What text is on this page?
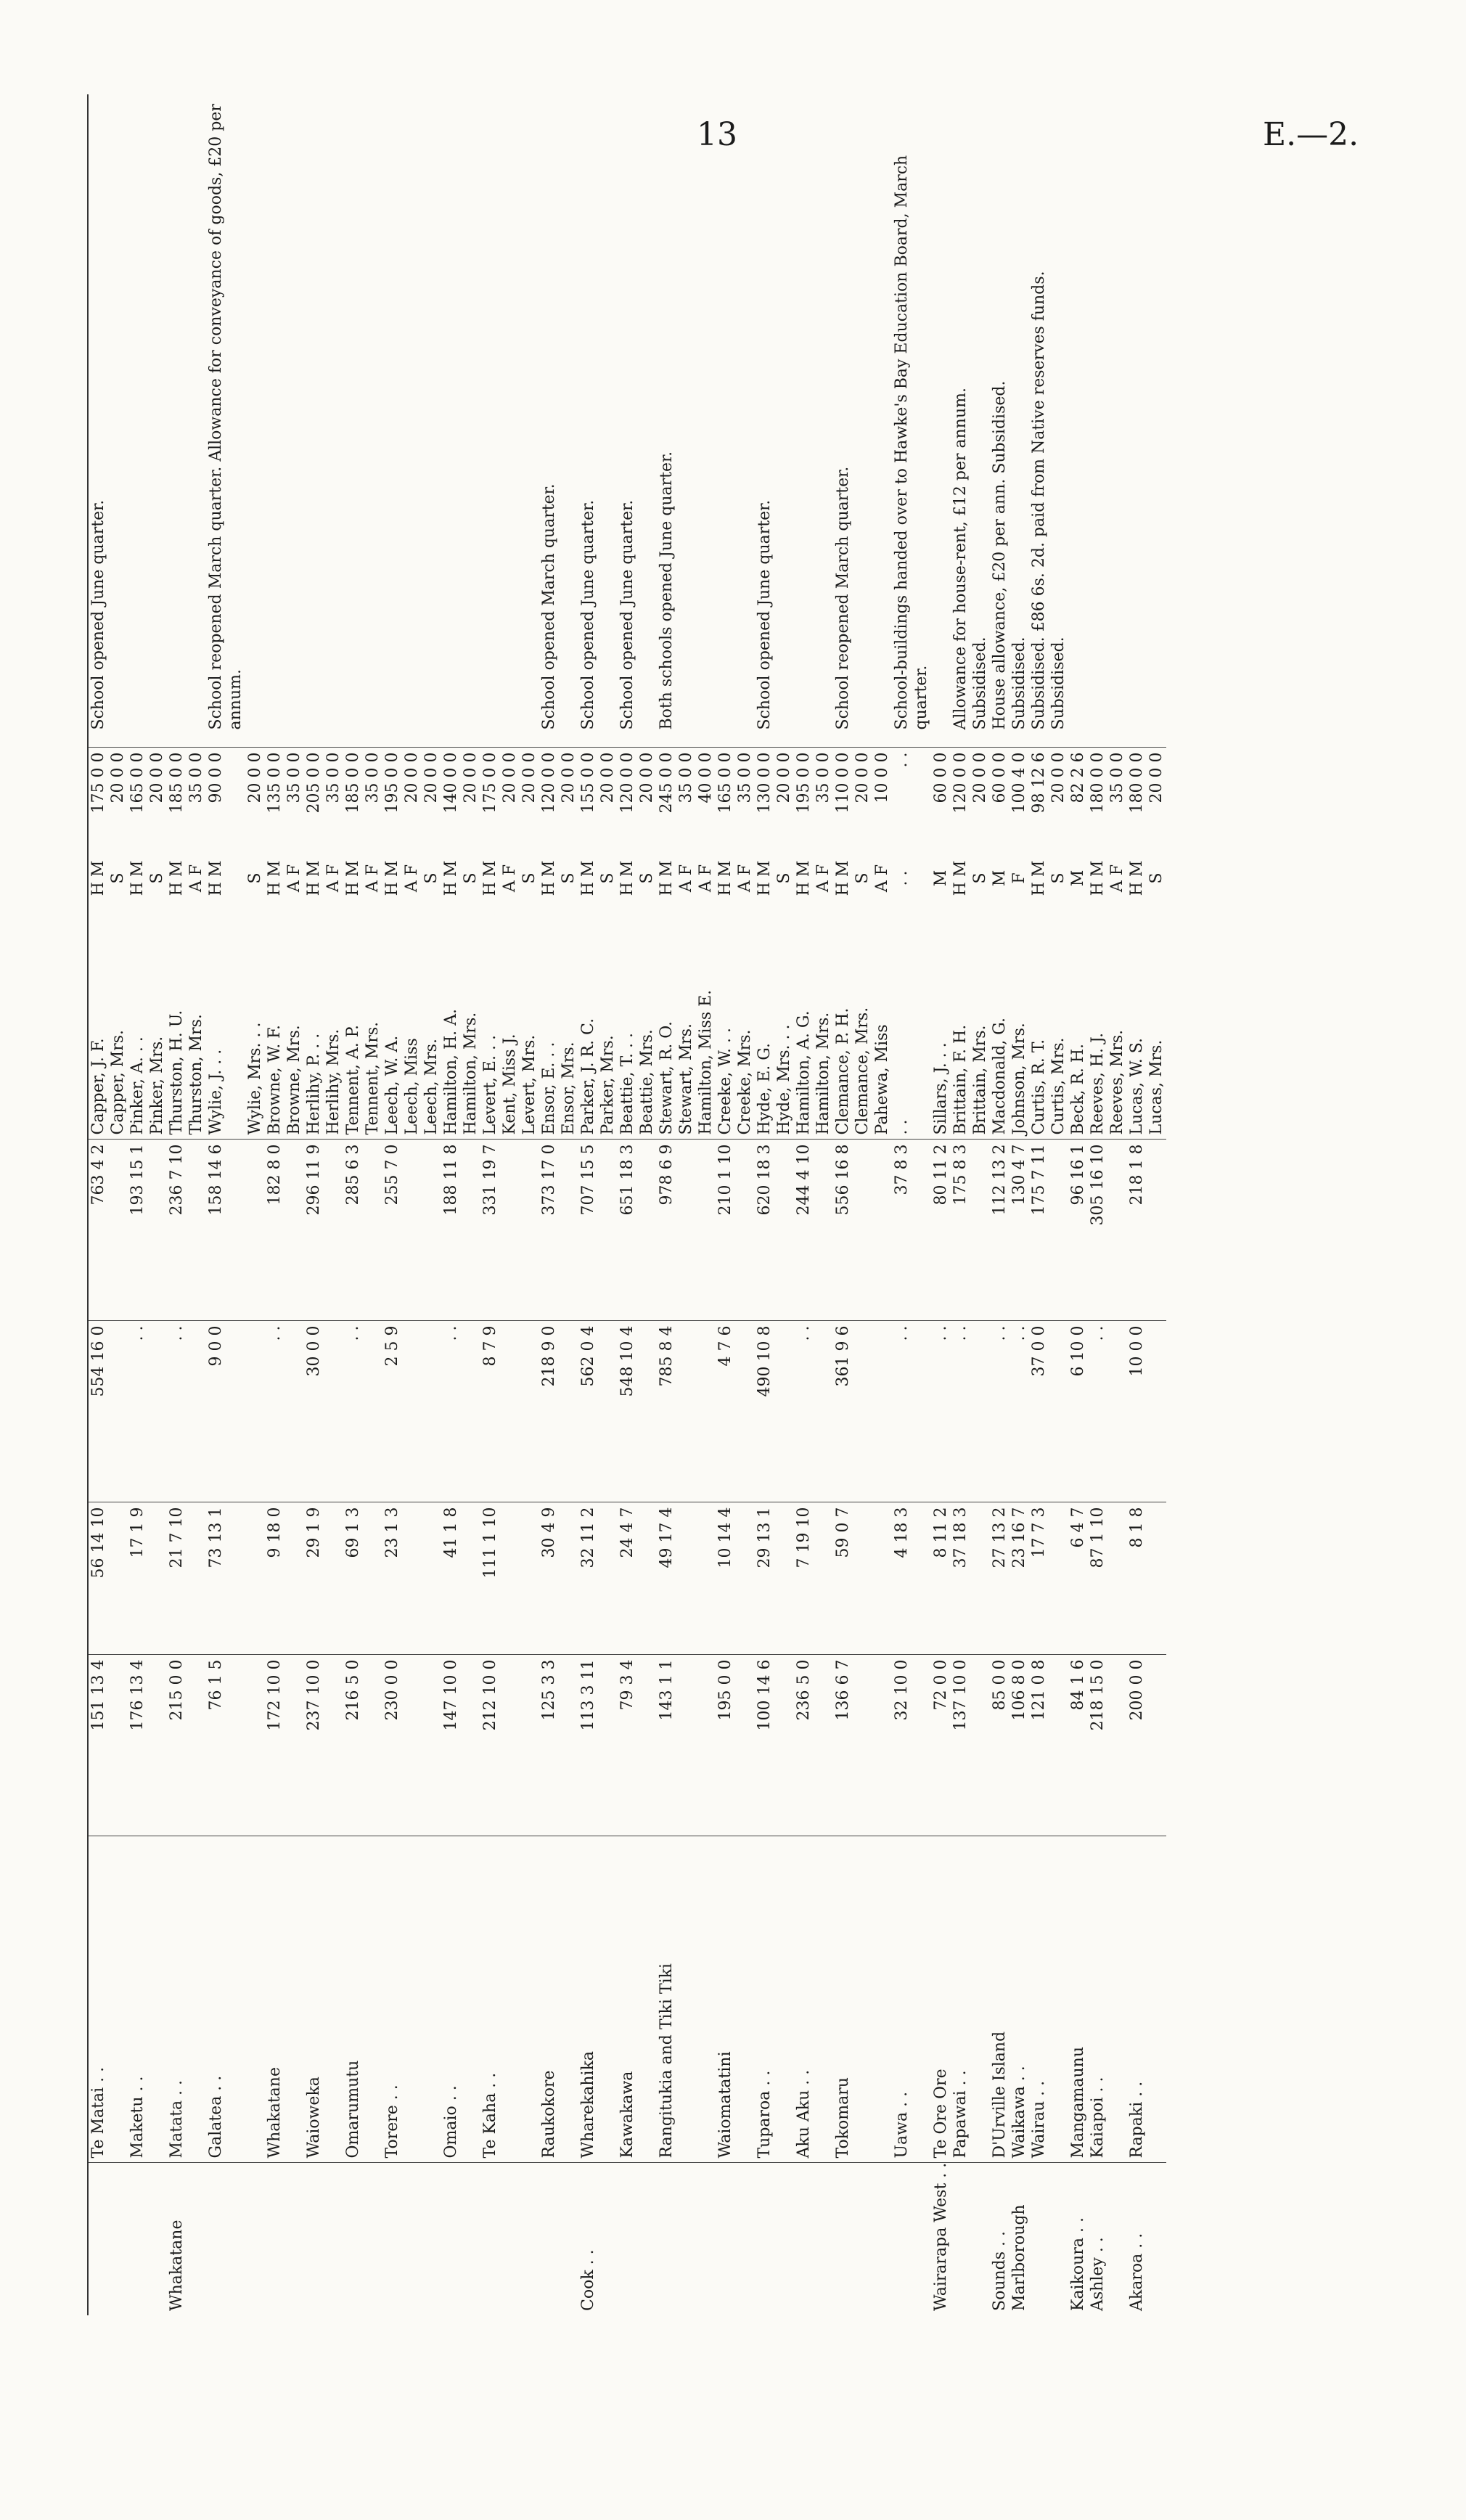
13	E.—2.

	Te Matai . .	151 13 4	56 14 10	554 16 0	763 4 2	Capper, J. F.	H M	175 0 0	School opened June quarter.
						Capper, Mrs.	S	20 0 0	
	Maketu . .	176 13 4	17 1 9	. .	193 15 1	Pinker, A. . .	H M	165 0 0	
						Pinker, Mrs.	S	20 0 0	
Whakatane	Matata . .	215 0 0	21 7 10	. .	236 7 10	Thurston, H. U.	H M	185 0 0	
						Thurston, Mrs.	A F	35 0 0	
	Galatea . .	76 1 5	73 13 1	9 0 0	158 14 6	Wylie, J. . .	H M	90 0 0	School reopened March quarter. Allowance for conveyance of goods, £20 per annum.
						Wylie, Mrs. . .	S	20 0 0	
	Whakatane	172 10 0	9 18 0	. .	182 8 0	Browne, W. F.	H M	135 0 0	
						Browne, Mrs.	A F	35 0 0	
	Waioweka	237 10 0	29 1 9	30 0 0	296 11 9	Herlihy, P. . .	H M	205 0 0	
						Herlihy, Mrs.	A F	35 0 0	
	Omarumutu	216 5 0	69 1 3	. .	285 6 3	Tennent, A. P.	H M	185 0 0	
						Tennent, Mrs.	A F	35 0 0	
	Torere . .	230 0 0	23 1 3	2 5 9	255 7 0	Leech, W. A.	H M	195 0 0	
						Leech, Miss	A F	20 0 0	
						Leech, Mrs.	S	20 0 0	
	Omaio . .	147 10 0	41 1 8	. .	188 11 8	Hamilton, H. A.	H M	140 0 0	
						Hamilton, Mrs.	S	20 0 0	
	Te Kaha . .	212 10 0	111 1 10	8 7 9	331 19 7	Levert, E. . .	H M	175 0 0	
						Kent, Miss J.	A F	20 0 0	
						Levert, Mrs.	S	20 0 0	
	Raukokore	125 3 3	30 4 9	218 9 0	373 17 0	Ensor, E. . .	H M	120 0 0	School opened March quarter.
						Ensor, Mrs.	S	20 0 0	
Cook . .	Wharekahika	113 3 11	32 11 2	562 0 4	707 15 5	Parker, J. R. C.	H M	155 0 0	School opened June quarter.
						Parker, Mrs.	S	20 0 0	
	Kawakawa	79 3 4	24 4 7	548 10 4	651 18 3	Beattie, T. . .	H M	120 0 0	School opened June quarter.
						Beattie, Mrs.	S	20 0 0	
	Rangitukia and Tiki Tiki	143 1 1	49 17 4	785 8 4	978 6 9	Stewart, R. O.	H M	245 0 0	Both schools opened June quarter.
						Stewart, Mrs.	A F	35 0 0	
						Hamilton, Miss E.	A F	40 0 0	
	Waiomatatini	195 0 0	10 14 4	4 7 6	210 1 10	Creeke, W. . .	H M	165 0 0	
						Creeke, Mrs.	A F	35 0 0	
	Tuparoa . .	100 14 6	29 13 1	490 10 8	620 18 3	Hyde, E. G.	H M	130 0 0	School opened June quarter.
						Hyde, Mrs. . .	S	20 0 0	
	Aku Aku . .	236 5 0	7 19 10	. .	244 4 10	Hamilton, A. G.	H M	195 0 0	
						Hamilton, Mrs.	A F	35 0 0	
	Tokomaru	136 6 7	59 0 7	361 9 6	556 16 8	Clemance, P. H.	H M	110 0 0	School reopened March quarter.
						Clemance, Mrs.	S	20 0 0	
						Pahewa, Miss	A F	10 0 0	
	Uawa . .	32 10 0	4 18 3	. .	37 8 3	. .	. .	. .	School-buildings handed over to Hawke's Bay Education Board, March quarter.
Wairarapa West . .	Te Ore Ore	72 0 0	8 11 2	. .	80 11 2	Sillars, J. . .	M	60 0 0	
	Papawai . .	137 10 0	37 18 3	. .	175 8 3	Brittain, F. H.	H M	120 0 0	Allowance for house-rent, £12 per annum.
						Brittain, Mrs.	S	20 0 0	Subsidised.
Sounds . .	D'Urville Island	85 0 0	27 13 2	. .	112 13 2	Macdonald, G.	M	60 0 0	House allowance, £20 per ann. Subsidised.
Marlborough	Waikawa . .	106 8 0	23 16 7	. .	130 4 7	Johnson, Mrs.	F	100 4 0	Subsidised.
	Wairau . .	121 0 8	17 7 3	37 0 0	175 7 11	Curtis, R. T.	H M	98 12 6	Subsidised. £86 6s. 2d. paid from Native reserves funds.
						Curtis, Mrs.	S	20 0 0	Subsidised.
Kaikoura . .	Mangamaunu	84 1 6	6 4 7	6 10 0	96 16 1	Beck, R. H.	M	82 2 6	
Ashley . .	Kaiapoi . .	218 15 0	87 1 10	. .	305 16 10	Reeves, H. J.	H M	180 0 0	
						Reeves, Mrs.	A F	35 0 0	
Akaroa . .	Rapaki . .	200 0 0	8 1 8	10 0 0	218 1 8	Lucas, W. S.	H M	180 0 0	
						Lucas, Mrs.	S	20 0 0	
